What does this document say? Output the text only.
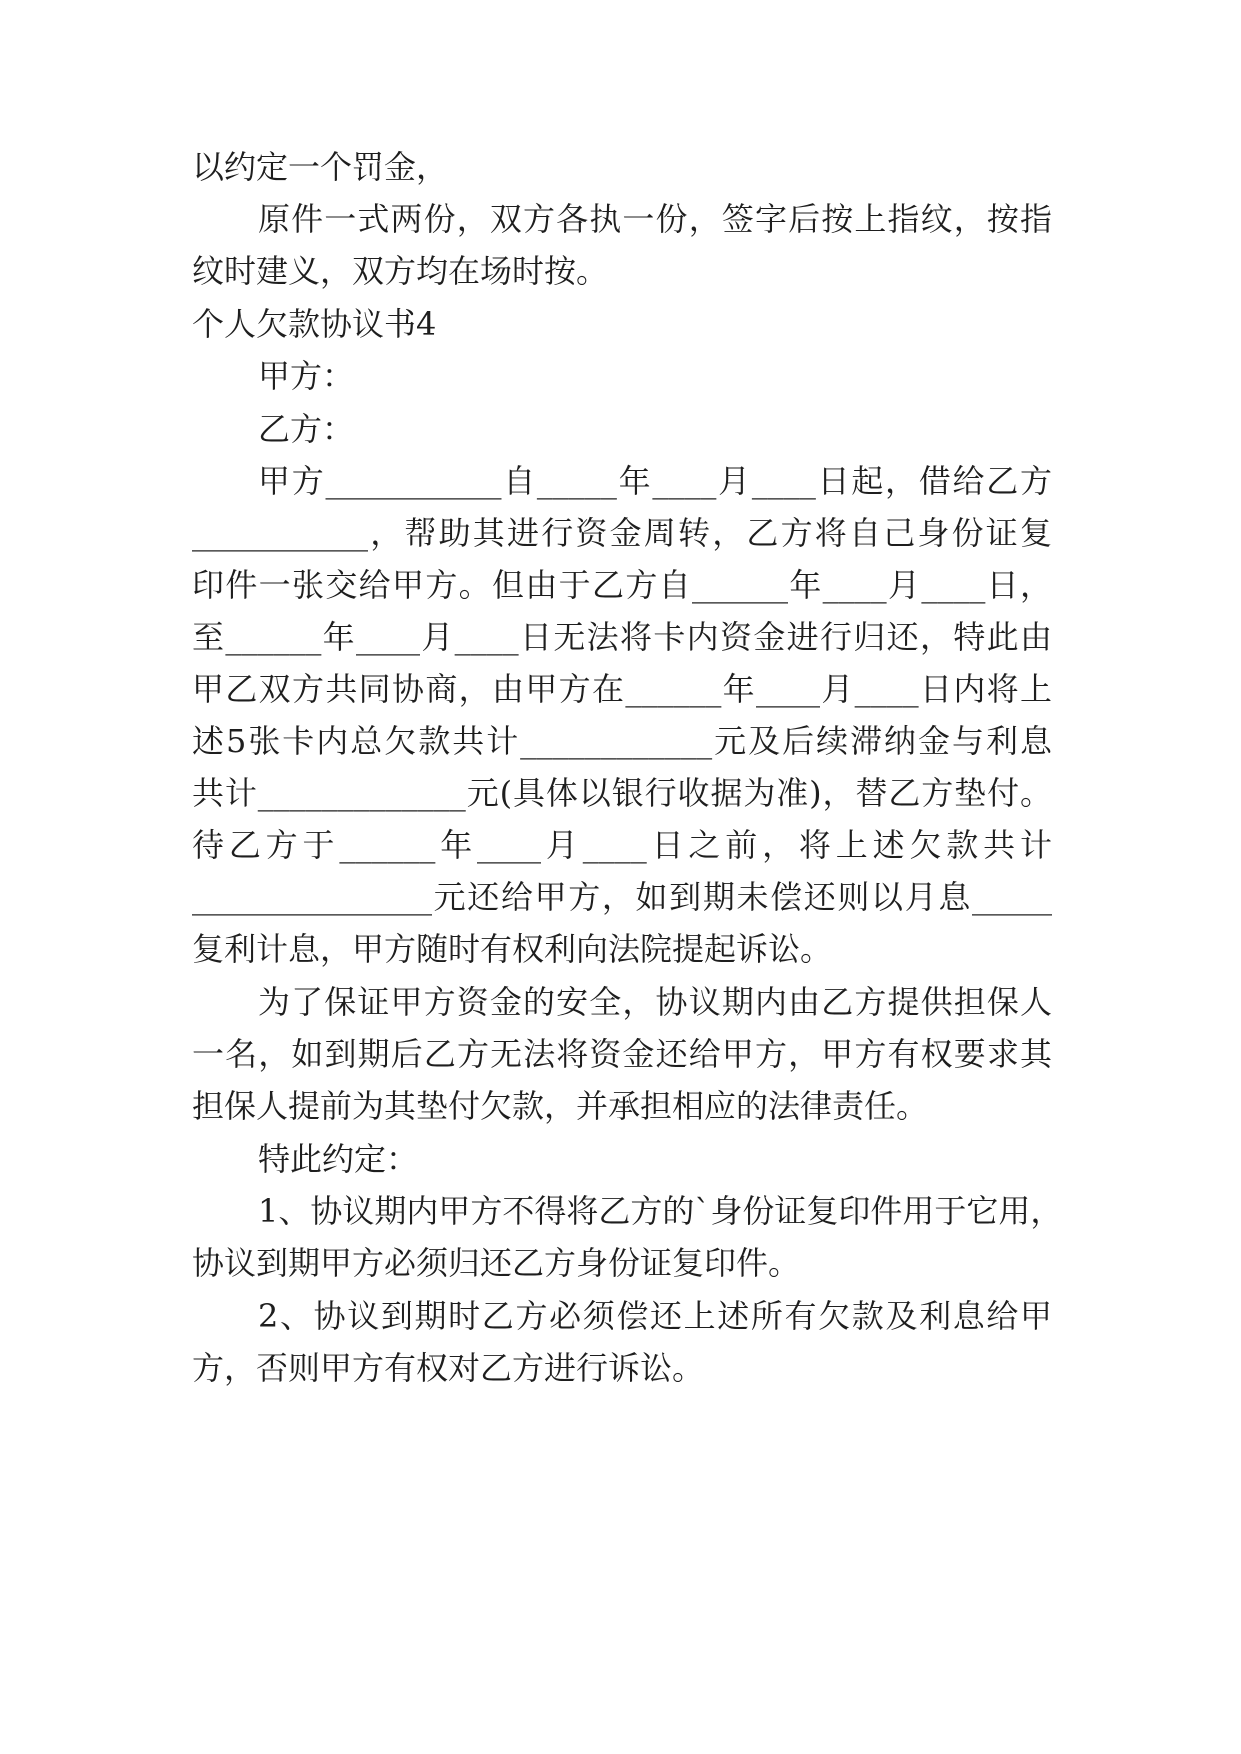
以约定一个罚金，
原件一式两份，双方各执一份，签字后按上指纹，按指
纹时建义，双方均在场时按。
个人欠款协议书4
甲方：
乙方：
甲方___________自_____年____月____日起，借给乙方
___________，帮助其进行资金周转，乙方将自己身份证复
印件一张交给甲方。但由于乙方自______年____月____日，
至______年____月____日无法将卡内资金进行归还，特此由
甲乙双方共同协商，由甲方在______年____月____日内将上
述5张卡内总欠款共计____________元及后续滞纳金与利息
共计_____________元(具体以银行收据为准)，替乙方垫付。
待乙方于______年____月____日之前，将上述欠款共计
_______________元还给甲方，如到期未偿还则以月息_____
复利计息，甲方随时有权利向法院提起诉讼。
为了保证甲方资金的安全，协议期内由乙方提供担保人
一名，如到期后乙方无法将资金还给甲方，甲方有权要求其
担保人提前为其垫付欠款，并承担相应的法律责任。
特此约定：
1、协议期内甲方不得将乙方的`身份证复印件用于它用，
协议到期甲方必须归还乙方身份证复印件。
2、协议到期时乙方必须偿还上述所有欠款及利息给甲
方，否则甲方有权对乙方进行诉讼。
